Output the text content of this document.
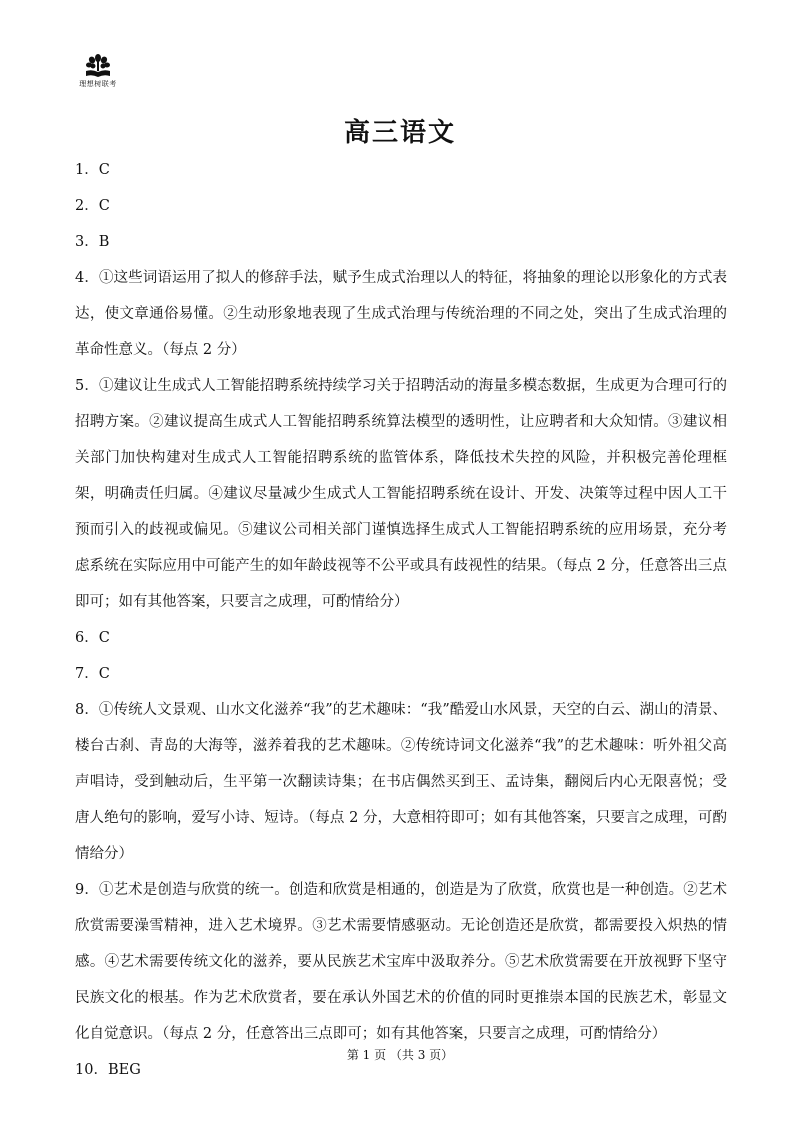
理想树联考
高三语文

1．C

2．C

3．B

4．①这些词语运用了拟人的修辞手法，赋予生成式治理以人的特征，将抽象的理论以形象化的方式表达，使文章通俗易懂。②生动形象地表现了生成式治理与传统治理的不同之处，突出了生成式治理的革命性意义。（每点 2 分）

5．①建议让生成式人工智能招聘系统持续学习关于招聘活动的海量多模态数据，生成更为合理可行的招聘方案。②建议提高生成式人工智能招聘系统算法模型的透明性，让应聘者和大众知情。③建议相关部门加快构建对生成式人工智能招聘系统的监管体系，降低技术失控的风险，并积极完善伦理框架，明确责任归属。④建议尽量减少生成式人工智能招聘系统在设计、开发、决策等过程中因人工干预而引入的歧视或偏见。⑤建议公司相关部门谨慎选择生成式人工智能招聘系统的应用场景，充分考虑系统在实际应用中可能产生的如年龄歧视等不公平或具有歧视性的结果。（每点 2 分，任意答出三点即可；如有其他答案，只要言之成理，可酌情给分）

6．C

7．C

8．①传统人文景观、山水文化滋养“我”的艺术趣味：“我”酷爱山水风景，天空的白云、湖山的清景、楼台古刹、青岛的大海等，滋养着我的艺术趣味。②传统诗词文化滋养“我”的艺术趣味：听外祖父高声唱诗，受到触动后，生平第一次翻读诗集；在书店偶然买到王、孟诗集，翻阅后内心无限喜悦；受唐人绝句的影响，爱写小诗、短诗。（每点 2 分，大意相符即可；如有其他答案，只要言之成理，可酌情给分）

9．①艺术是创造与欣赏的统一。创造和欣赏是相通的，创造是为了欣赏，欣赏也是一种创造。②艺术欣赏需要澡雪精神，进入艺术境界。③艺术需要情感驱动。无论创造还是欣赏，都需要投入炽热的情感。④艺术需要传统文化的滋养，要从民族艺术宝库中汲取养分。⑤艺术欣赏需要在开放视野下坚守民族文化的根基。作为艺术欣赏者，要在承认外国艺术的价值的同时更推崇本国的民族艺术，彰显文化自觉意识。（每点 2 分，任意答出三点即可；如有其他答案，只要言之成理，可酌情给分）

10．BEG

第 1 页 （共 3 页）
